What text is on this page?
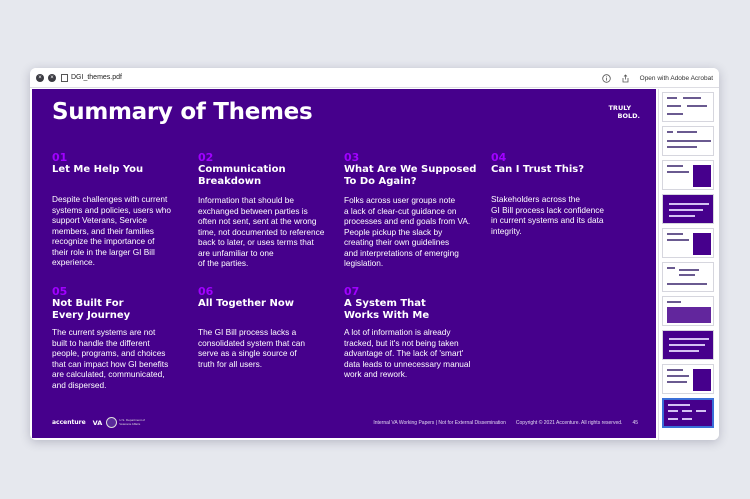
×	×	DGI_themes.pdf	Open with Adobe Acrobat
Summary of Themes	TRULY
BOLD.
01
Let Me Help You
Despite challenges with current
systems and policies, users who
support Veterans, Service
members, and their families
recognize the importance of
their role in the larger GI Bill
experience.
02
Communication
Breakdown
Information that should be
exchanged between parties is
often not sent, sent at the wrong
time, not documented to reference
back to later, or uses terms that
are unfamiliar to one
of the parties.
03
What Are We Supposed
To Do Again?
Folks across user groups note
a lack of clear-cut guidance on
processes and end goals from VA.
People pickup the slack by
creating their own guidelines
and interpretations of emerging
legislation.
04
Can I Trust This?
Stakeholders across the
GI Bill process lack confidence
in current systems and its data
integrity.
05
Not Built For
Every Journey
The current systems are not
built to handle the different
people, programs, and choices
that can impact how GI benefits
are calculated, communicated,
and dispersed.
06
All Together Now
The GI Bill process lacks a
consolidated system that can
serve as a single source of
truth for all users.
07
A System That
Works With Me
A lot of information is already
tracked, but it's not being taken
advantage of. The lack of 'smart'
data leads to unnecessary manual
work and rework.
accenture VA	U.S. Department of Veterans Affairs	Internal VA Working Papers | Not for External Dissemination Copyright © 2021 Accenture. All rights reserved. 45
